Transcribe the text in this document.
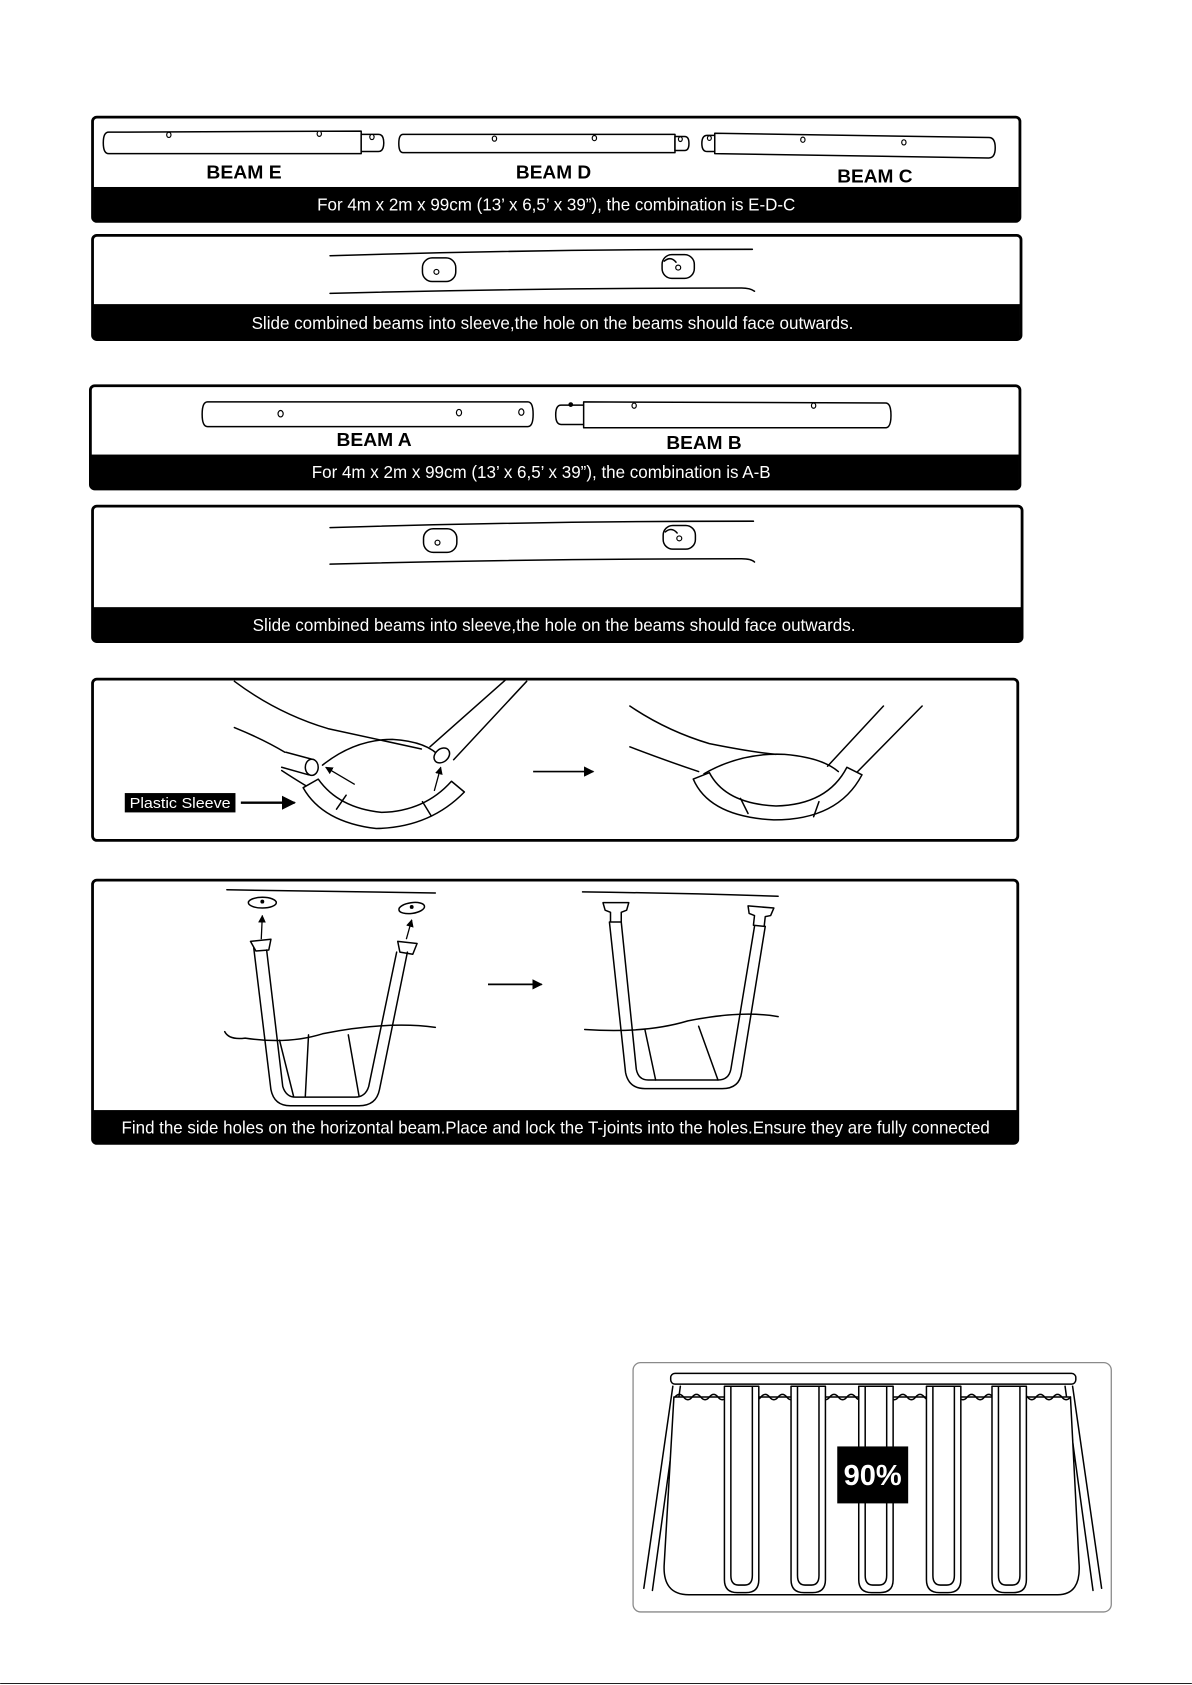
BEAM E	BEAM D	BEAM C
For 4m x 2m x 99cm (13’ x 6,5’ x 39”), the combination is E-D-C
Slide combined beams into sleeve,the hole on the beams should face outwards.
BEAM A	BEAM B
For 4m x 2m x 99cm (13’ x 6,5’ x 39”), the combination is A-B
Slide combined beams into sleeve,the hole on the beams should face outwards.
Plastic Sleeve
Find the side holes on the horizontal beam.Place and lock the T-joints into the holes.Ensure they are fully connected
90%
